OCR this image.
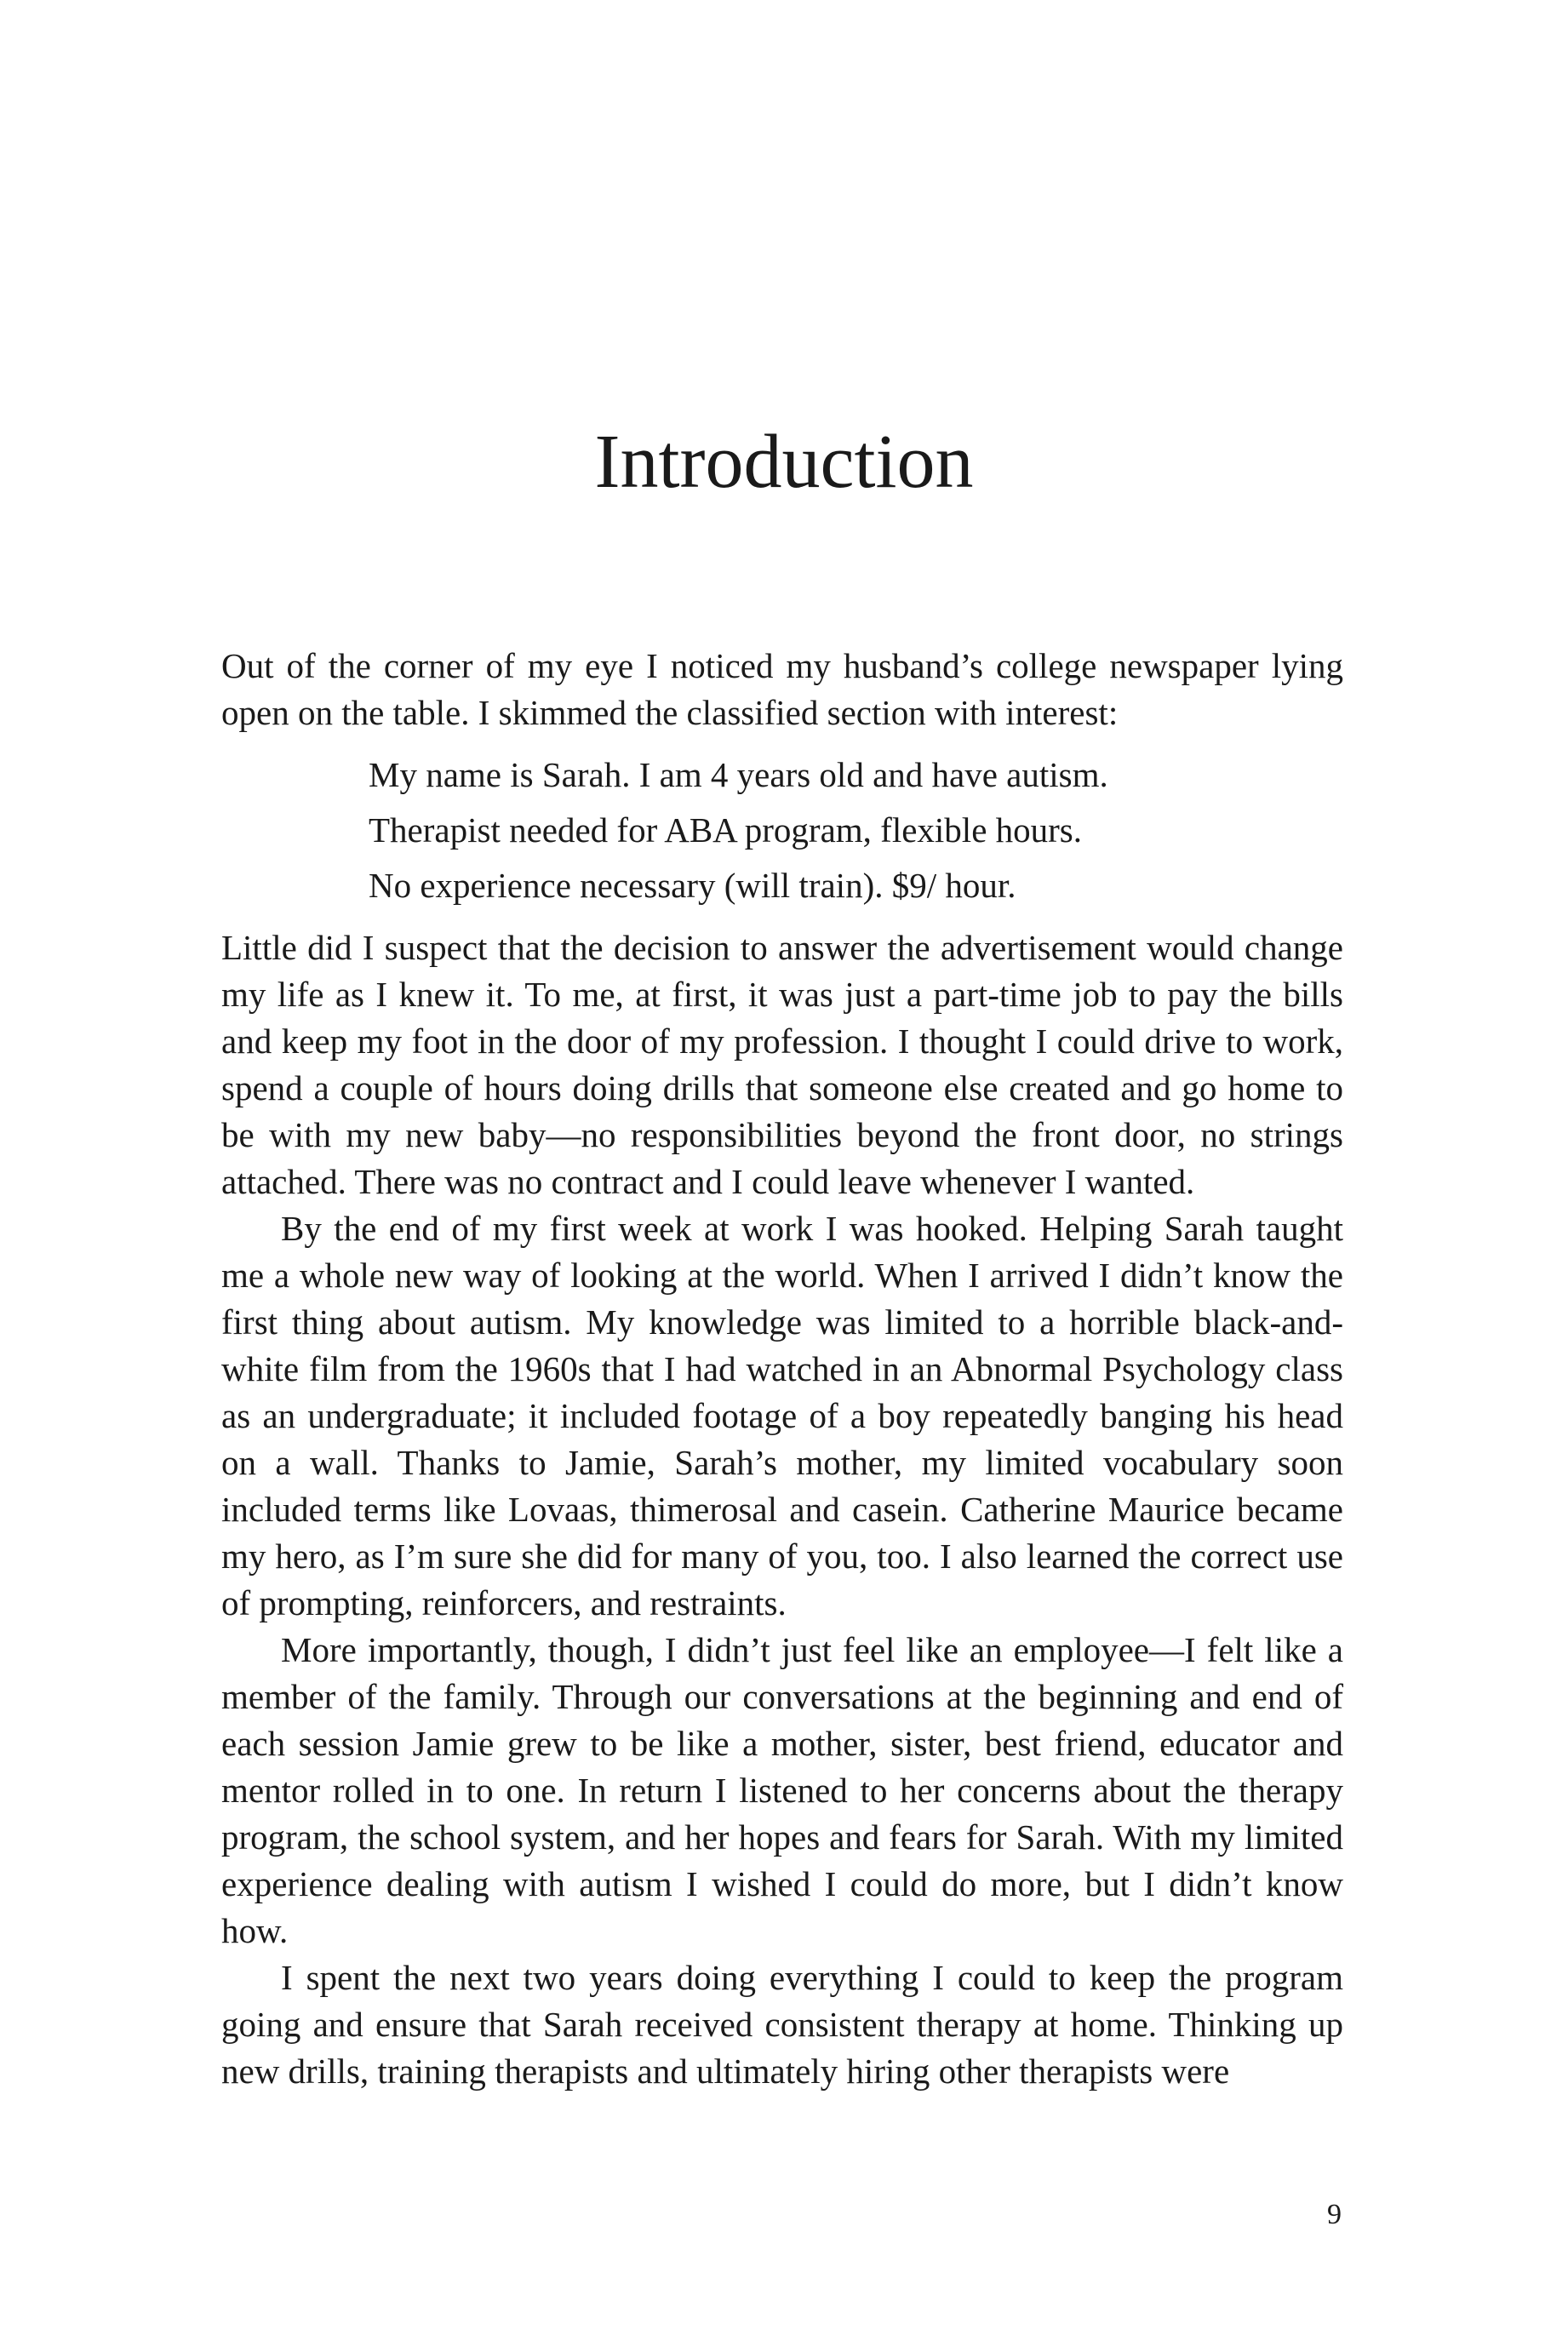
Introduction

Out of the corner of my eye I noticed my husband’s college newspaper lying open on the table. I skimmed the classified section with interest:

My name is Sarah. I am 4 years old and have autism.
Therapist needed for ABA program, flexible hours.
No experience necessary (will train). $9/ hour.

Little did I suspect that the decision to answer the advertisement would change my life as I knew it. To me, at first, it was just a part-time job to pay the bills and keep my foot in the door of my profession. I thought I could drive to work, spend a couple of hours doing drills that someone else created and go home to be with my new baby—no responsibilities beyond the front door, no strings attached. There was no contract and I could leave whenever I wanted.

By the end of my first week at work I was hooked. Helping Sarah taught me a whole new way of looking at the world. When I arrived I didn’t know the first thing about autism. My knowledge was limited to a horrible black-and-white film from the 1960s that I had watched in an Abnormal Psychology class as an undergraduate; it included footage of a boy repeatedly banging his head on a wall. Thanks to Jamie, Sarah’s mother, my limited vocabulary soon included terms like Lovaas, thimerosal and casein. Catherine Maurice became my hero, as I’m sure she did for many of you, too. I also learned the correct use of prompting, reinforcers, and restraints.

More importantly, though, I didn’t just feel like an employee—I felt like a member of the family. Through our conversations at the beginning and end of each session Jamie grew to be like a mother, sister, best friend, educator and mentor rolled in to one. In return I listened to her concerns about the therapy program, the school system, and her hopes and fears for Sarah. With my limited experience dealing with autism I wished I could do more, but I didn’t know how.

I spent the next two years doing everything I could to keep the program going and ensure that Sarah received consistent therapy at home. Thinking up new drills, training therapists and ultimately hiring other therapists were

9
